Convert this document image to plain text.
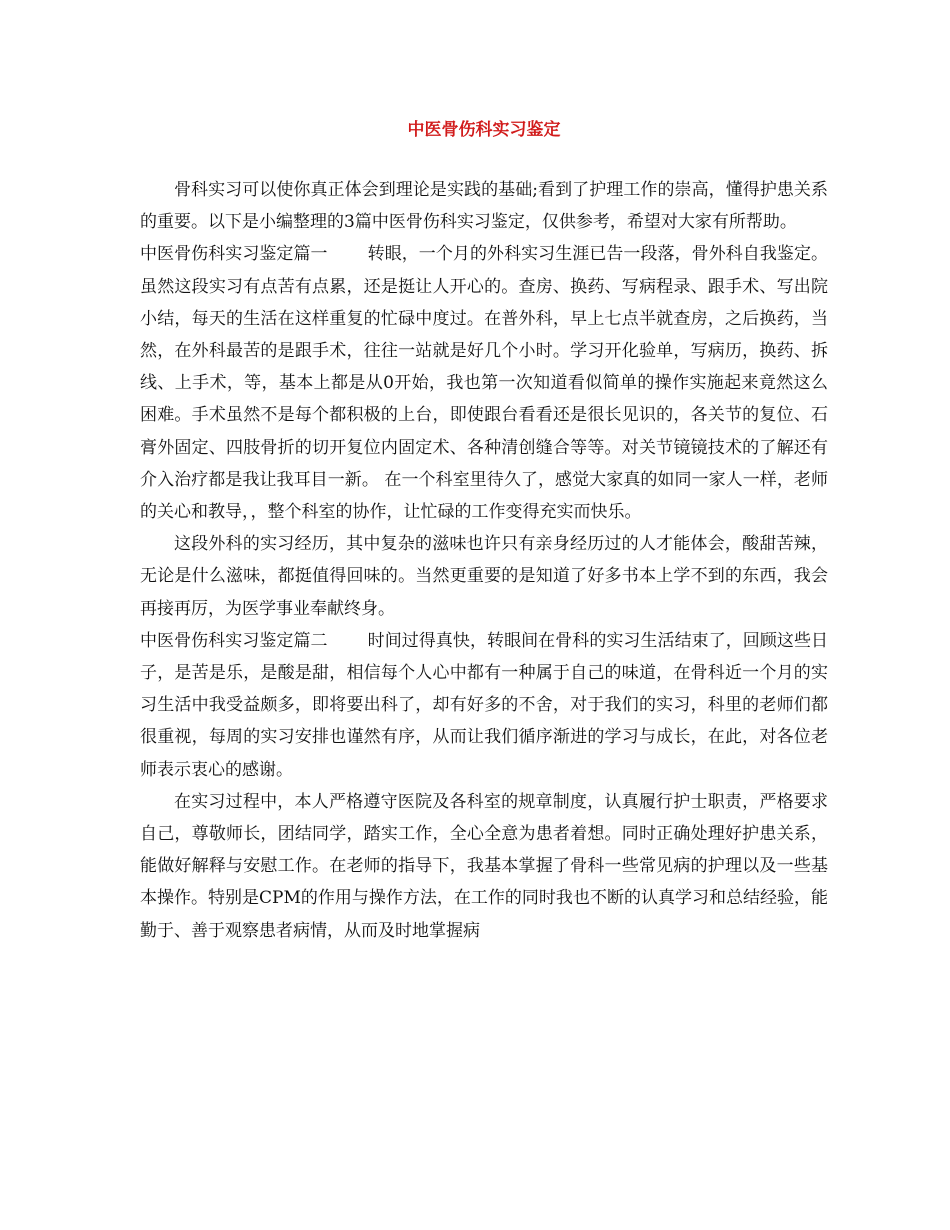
中医骨伤科实习鉴定

骨科实习可以使你真正体会到理论是实践的基础;看到了护理工作的崇高，懂得护患关系的重要。以下是小编整理的3篇中医骨伤科实习鉴定，仅供参考，希望对大家有所帮助。

中医骨伤科实习鉴定篇一 转眼，一个月的外科实习生涯已告一段落，骨外科自我鉴定。虽然这段实习有点苦有点累，还是挺让人开心的。查房、换药、写病程录、跟手术、写出院小结，每天的生活在这样重复的忙碌中度过。在普外科，早上七点半就查房，之后换药，当然，在外科最苦的是跟手术，往往一站就是好几个小时。学习开化验单，写病历，换药、拆线、上手术，等，基本上都是从0开始，我也第一次知道看似简单的操作实施起来竟然这么困难。手术虽然不是每个都积极的上台，即使跟台看看还是很长见识的，各关节的复位、石膏外固定、四肢骨折的切开复位内固定术、各种清创缝合等等。对关节镜镜技术的了解还有介入治疗都是我让我耳目一新。 在一个科室里待久了，感觉大家真的如同一家人一样，老师的关心和教导，，整个科室的协作，让忙碌的工作变得充实而快乐。

这段外科的实习经历，其中复杂的滋味也许只有亲身经历过的人才能体会，酸甜苦辣，无论是什么滋味，都挺值得回味的。当然更重要的是知道了好多书本上学不到的东西，我会再接再厉，为医学事业奉献终身。

中医骨伤科实习鉴定篇二 时间过得真快，转眼间在骨科的实习生活结束了，回顾这些日子，是苦是乐，是酸是甜，相信每个人心中都有一种属于自己的味道，在骨科近一个月的实习生活中我受益颇多，即将要出科了，却有好多的不舍，对于我们的实习，科里的老师们都很重视，每周的实习安排也谨然有序，从而让我们循序渐进的学习与成长，在此，对各位老师表示衷心的感谢。

在实习过程中，本人严格遵守医院及各科室的规章制度，认真履行护士职责，严格要求自己，尊敬师长，团结同学，踏实工作，全心全意为患者着想。同时正确处理好护患关系，能做好解释与安慰工作。在老师的指导下，我基本掌握了骨科一些常见病的护理以及一些基本操作。特别是CPM的作用与操作方法，在工作的同时我也不断的认真学习和总结经验，能勤于、善于观察患者病情，从而及时地掌握病
